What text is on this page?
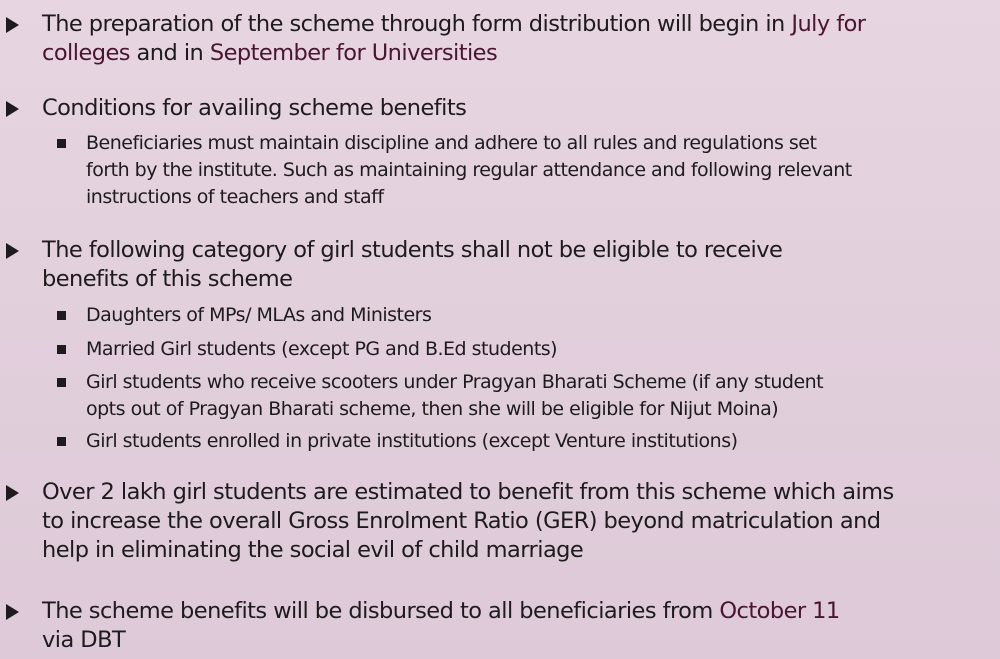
The preparation of the scheme through form distribution will begin in July for
colleges and in September for Universities
Conditions for availing scheme benefits
Beneficiaries must maintain discipline and adhere to all rules and regulations set
forth by the institute. Such as maintaining regular attendance and following relevant
instructions of teachers and staff
The following category of girl students shall not be eligible to receive
benefits of this scheme
Daughters of MPs/ MLAs and Ministers
Married Girl students (except PG and B.Ed students)
Girl students who receive scooters under Pragyan Bharati Scheme (if any student
opts out of Pragyan Bharati scheme, then she will be eligible for Nijut Moina)
Girl students enrolled in private institutions (except Venture institutions)
Over 2 lakh girl students are estimated to benefit from this scheme which aims
to increase the overall Gross Enrolment Ratio (GER) beyond matriculation and
help in eliminating the social evil of child marriage
The scheme benefits will be disbursed to all beneficiaries from October 11
via DBT
